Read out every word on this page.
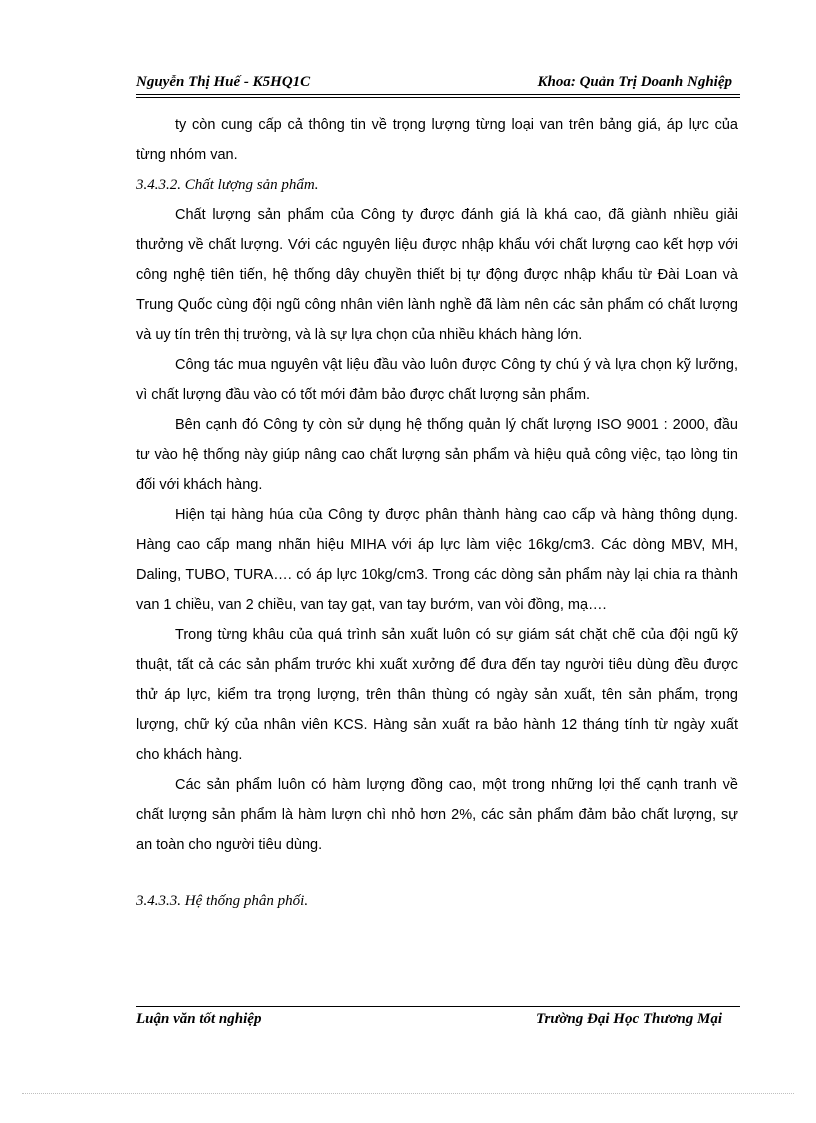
Nguyễn Thị Huế - K5HQ1C	Khoa: Quản Trị Doanh Nghiệp

ty còn cung cấp cả thông tin về trọng lượng từng loại van trên bảng giá, áp lực của từng nhóm van.

3.4.3.2. Chất lượng sản phẩm.

Chất lượng sản phẩm của Công ty được đánh giá là khá cao, đã giành nhiều giải thưởng về chất lượng. Với các nguyên liệu được nhập khẩu với chất lượng cao kết hợp với công nghệ tiên tiến, hệ thống dây chuyền thiết bị tự động được nhập khẩu từ Đài Loan và Trung Quốc cùng đội ngũ công nhân viên lành nghề đã làm nên các sản phẩm có chất lượng và uy tín trên thị trường, và là sự lựa chọn của nhiều khách hàng lớn.

Công tác mua nguyên vật liệu đầu vào luôn được Công ty chú ý và lựa chọn kỹ lưỡng, vì chất lượng đầu vào có tốt mới đảm bảo được chất lượng sản phẩm.

Bên cạnh đó Công ty còn sử dụng hệ thống quản lý chất lượng ISO 9001 : 2000, đầu tư vào hệ thống này giúp nâng cao chất lượng sản phẩm và hiệu quả công việc, tạo lòng tin đối với khách hàng.

Hiện tại hàng húa của Công ty được phân thành hàng cao cấp và hàng thông dụng. Hàng cao cấp mang nhãn hiệu MIHA với áp lực làm việc 16kg/cm3. Các dòng MBV, MH, Daling, TUBO, TURA…. có áp lực 10kg/cm3. Trong các dòng sản phẩm này lại chia ra thành van 1 chiều, van 2 chiều, van tay gạt, van tay bướm, van vòi đồng, mạ….

Trong từng khâu của quá trình sản xuất luôn có sự giám sát chặt chẽ của đội ngũ kỹ thuật, tất cả các sản phẩm trước khi xuất xưởng để đưa đến tay người tiêu dùng đều được thử áp lực, kiểm tra trọng lượng, trên thân thùng có ngày sản xuất, tên sản phẩm, trọng lượng, chữ ký của nhân viên KCS. Hàng sản xuất ra bảo hành 12 tháng tính từ ngày xuất cho khách hàng.

Các sản phẩm luôn có hàm lượng đồng cao, một trong những lợi thế cạnh tranh về chất lượng sản phẩm là hàm lượn chì nhỏ hơn 2%, các sản phẩm đảm bảo chất lượng, sự an toàn cho người tiêu dùng.

3.4.3.3. Hệ thống phân phối.

Luận văn tốt nghiệp	Trường Đại Học Thương Mại
